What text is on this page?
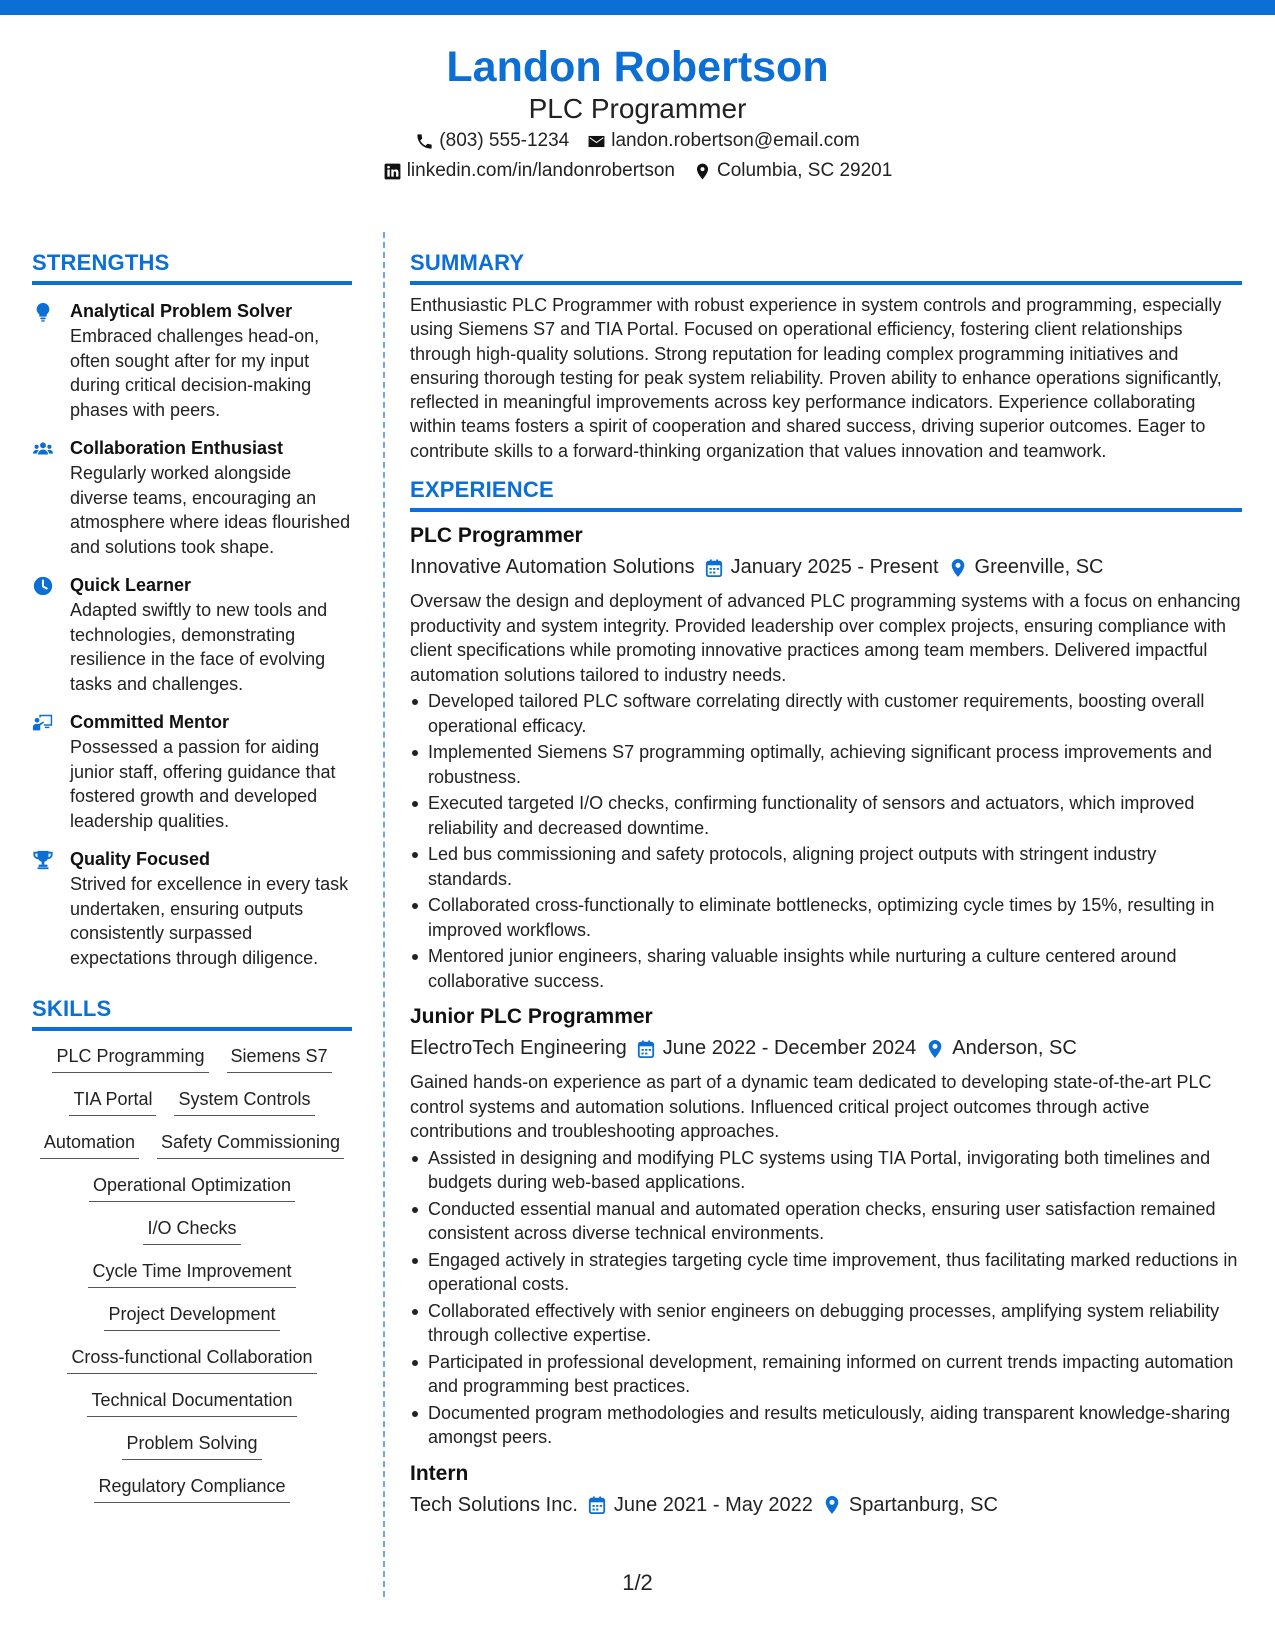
Landon Robertson
PLC Programmer
(803) 555-1234 landon.robertson@email.com
linkedin.com/in/landonrobertson Columbia, SC 29201
STRENGTHS
Analytical Problem Solver
Embraced challenges head-on, often sought after for my input during critical decision-making phases with peers.
Collaboration Enthusiast
Regularly worked alongside diverse teams, encouraging an atmosphere where ideas flourished and solutions took shape.
Quick Learner
Adapted swiftly to new tools and technologies, demonstrating resilience in the face of evolving tasks and challenges.
Committed Mentor
Possessed a passion for aiding junior staff, offering guidance that fostered growth and developed leadership qualities.
Quality Focused
Strived for excellence in every task undertaken, ensuring outputs consistently surpassed expectations through diligence.
SKILLS
PLC Programming Siemens S7
TIA Portal System Controls
Automation Safety Commissioning
Operational Optimization
I/O Checks
Cycle Time Improvement
Project Development
Cross-functional Collaboration
Technical Documentation
Problem Solving
Regulatory Compliance
SUMMARY
Enthusiastic PLC Programmer with robust experience in system controls and programming, especially using Siemens S7 and TIA Portal. Focused on operational efficiency, fostering client relationships through high-quality solutions. Strong reputation for leading complex programming initiatives and ensuring thorough testing for peak system reliability. Proven ability to enhance operations significantly, reflected in meaningful improvements across key performance indicators. Experience collaborating within teams fosters a spirit of cooperation and shared success, driving superior outcomes. Eager to contribute skills to a forward-thinking organization that values innovation and teamwork.
EXPERIENCE
PLC Programmer
Innovative Automation Solutions January 2025 - Present Greenville, SC
Oversaw the design and deployment of advanced PLC programming systems with a focus on enhancing productivity and system integrity. Provided leadership over complex projects, ensuring compliance with client specifications while promoting innovative practices among team members. Delivered impactful automation solutions tailored to industry needs.
Developed tailored PLC software correlating directly with customer requirements, boosting overall operational efficacy.
Implemented Siemens S7 programming optimally, achieving significant process improvements and robustness.
Executed targeted I/O checks, confirming functionality of sensors and actuators, which improved reliability and decreased downtime.
Led bus commissioning and safety protocols, aligning project outputs with stringent industry standards.
Collaborated cross-functionally to eliminate bottlenecks, optimizing cycle times by 15%, resulting in improved workflows.
Mentored junior engineers, sharing valuable insights while nurturing a culture centered around collaborative success.
Junior PLC Programmer
ElectroTech Engineering June 2022 - December 2024 Anderson, SC
Gained hands-on experience as part of a dynamic team dedicated to developing state-of-the-art PLC control systems and automation solutions. Influenced critical project outcomes through active contributions and troubleshooting approaches.
Assisted in designing and modifying PLC systems using TIA Portal, invigorating both timelines and budgets during web-based applications.
Conducted essential manual and automated operation checks, ensuring user satisfaction remained consistent across diverse technical environments.
Engaged actively in strategies targeting cycle time improvement, thus facilitating marked reductions in operational costs.
Collaborated effectively with senior engineers on debugging processes, amplifying system reliability through collective expertise.
Participated in professional development, remaining informed on current trends impacting automation and programming best practices.
Documented program methodologies and results meticulously, aiding transparent knowledge-sharing amongst peers.
Intern
Tech Solutions Inc. June 2021 - May 2022 Spartanburg, SC
1/2
